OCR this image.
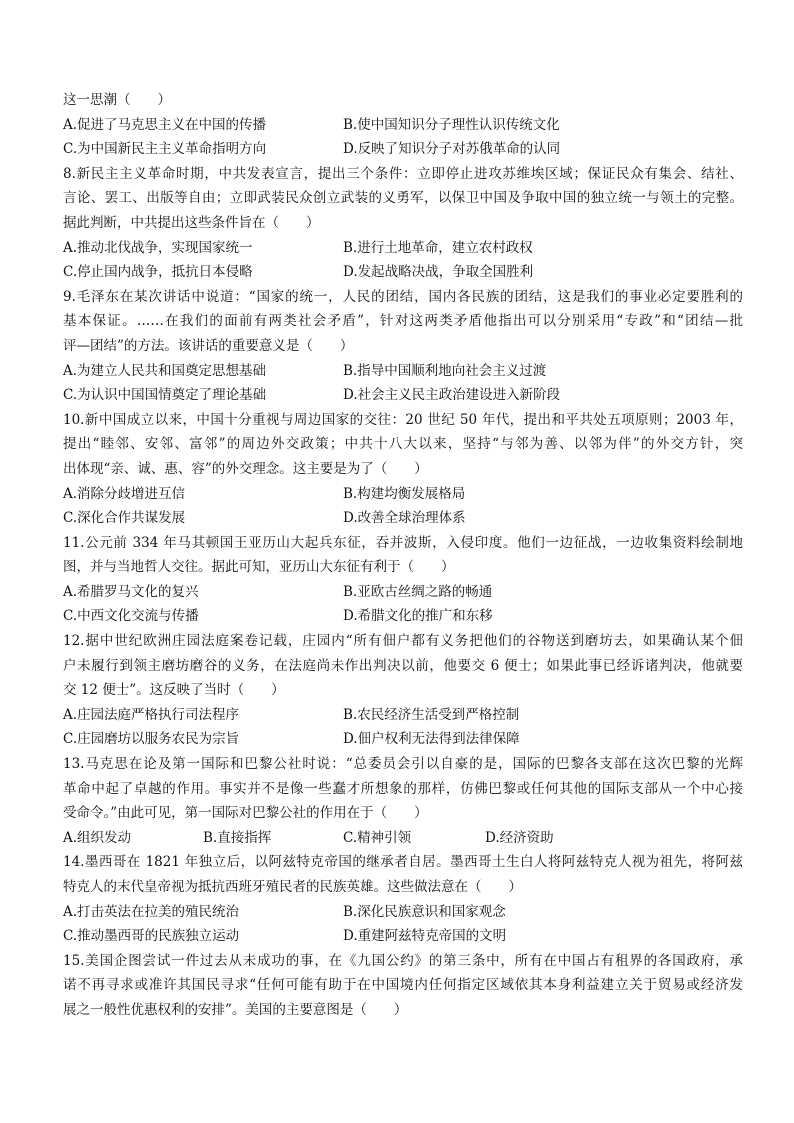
这一思潮（　　）
A.促进了马克思主义在中国的传播	B.使中国知识分子理性认识传统文化
C.为中国新民主主义革命指明方向	D.反映了知识分子对苏俄革命的认同
8.新民主主义革命时期，中共发表宣言，提出三个条件：立即停止进攻苏维埃区域；保证民众有集会、结社、
言论、罢工、出版等自由；立即武装民众创立武装的义勇军，以保卫中国及争取中国的独立统一与领土的完整。
据此判断，中共提出这些条件旨在（　　）
A.推动北伐战争，实现国家统一	B.进行土地革命，建立农村政权
C.停止国内战争，抵抗日本侵略	D.发起战略决战，争取全国胜利
9.毛泽东在某次讲话中说道：“国家的统一，人民的团结，国内各民族的团结，这是我们的事业必定要胜利的
基本保证。……在我们的面前有两类社会矛盾”，针对这两类矛盾他指出可以分别采用“专政”和“团结—批
评—团结”的方法。该讲话的重要意义是（　　）
A.为建立人民共和国奠定思想基础	B.指导中国顺利地向社会主义过渡
C.为认识中国国情奠定了理论基础	D.社会主义民主政治建设进入新阶段
10.新中国成立以来，中国十分重视与周边国家的交往：20 世纪 50 年代，提出和平共处五项原则；2003 年，
提出“睦邻、安邻、富邻”的周边外交政策；中共十八大以来，坚持“与邻为善、以邻为伴”的外交方针，突
出体现“亲、诚、惠、容”的外交理念。这主要是为了（　　）
A.消除分歧增进互信	B.构建均衡发展格局
C.深化合作共谋发展	D.改善全球治理体系
11.公元前 334 年马其顿国王亚历山大起兵东征，吞并波斯，入侵印度。他们一边征战，一边收集资料绘制地
图，并与当地哲人交往。据此可知，亚历山大东征有利于（　　）
A.希腊罗马文化的复兴	B.亚欧古丝绸之路的畅通
C.中西文化交流与传播	D.希腊文化的推广和东移
12.据中世纪欧洲庄园法庭案卷记载，庄园内“所有佃户都有义务把他们的谷物送到磨坊去，如果确认某个佃
户未履行到领主磨坊磨谷的义务，在法庭尚未作出判决以前，他要交 6 便士；如果此事已经诉诸判决，他就要
交 12 便士”。这反映了当时（　　）
A.庄园法庭严格执行司法程序	B.农民经济生活受到严格控制
C.庄园磨坊以服务农民为宗旨	D.佃户权利无法得到法律保障
13.马克思在论及第一国际和巴黎公社时说：“总委员会引以自豪的是，国际的巴黎各支部在这次巴黎的光辉
革命中起了卓越的作用。事实并不是像一些蠢才所想象的那样，仿佛巴黎或任何其他的国际支部从一个中心接
受命令。”由此可见，第一国际对巴黎公社的作用在于（　　）
A.组织发动	B.直接指挥	C.精神引领	D.经济资助
14.墨西哥在 1821 年独立后，以阿兹特克帝国的继承者自居。墨西哥土生白人将阿兹特克人视为祖先，将阿兹
特克人的末代皇帝视为抵抗西班牙殖民者的民族英雄。这些做法意在（　　）
A.打击英法在拉美的殖民统治	B.深化民族意识和国家观念
C.推动墨西哥的民族独立运动	D.重建阿兹特克帝国的文明
15.美国企图尝试一件过去从未成功的事，在《九国公约》的第三条中，所有在中国占有租界的各国政府，承
诺不再寻求或准许其国民寻求“任何可能有助于在中国境内任何指定区域依其本身利益建立关于贸易或经济发
展之一般性优惠权利的安排”。美国的主要意图是（　　）
